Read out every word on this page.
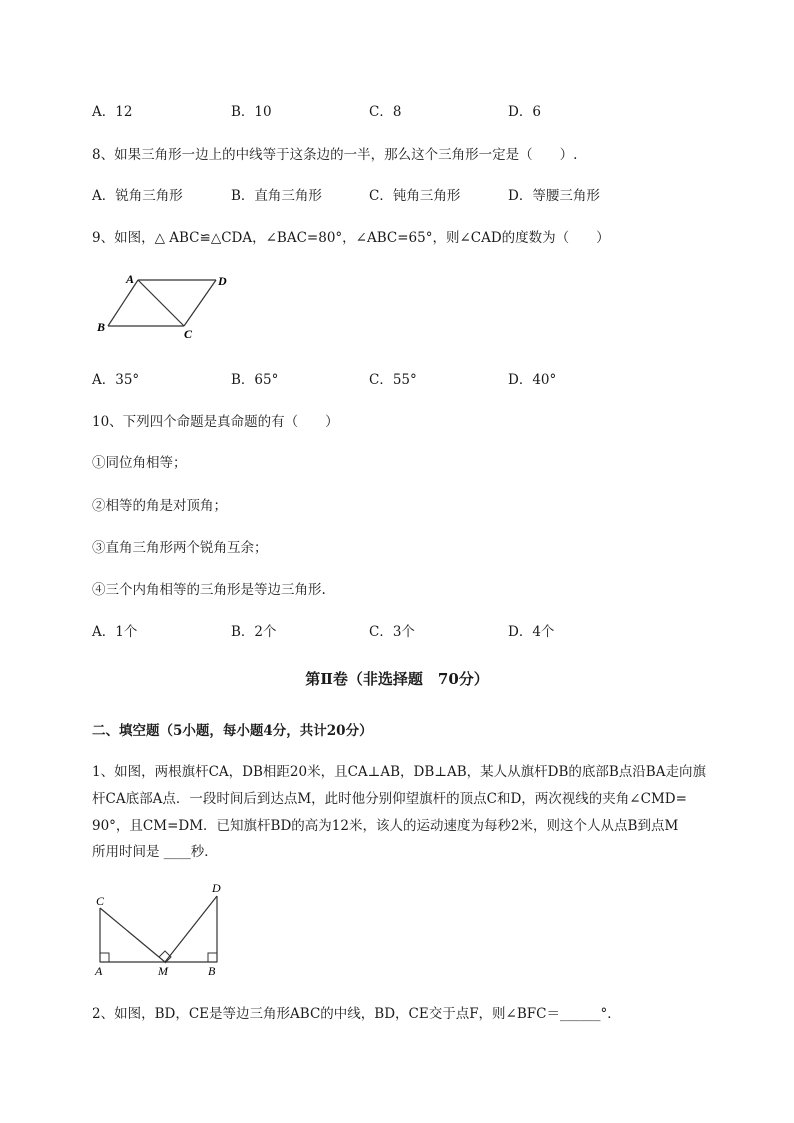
A．12	B．10	C．8	D．6
8、如果三角形一边上的中线等于这条边的一半，那么这个三角形一定是（　　）.
A．锐角三角形	B．直角三角形	C．钝角三角形	D．等腰三角形
9、如图，△ ABC≌△CDA，∠BAC=80°，∠ABC=65°，则∠CAD的度数为（　　）
A	D
B	C
A．35°	B．65°	C．55°	D．40°
10、下列四个命题是真命题的有（　　）
①同位角相等；
②相等的角是对顶角；
③直角三角形两个锐角互余；
④三个内角相等的三角形是等边三角形.
A．1个	B．2个	C．3个	D．4个
第Ⅱ卷（非选择题　70分）
二、填空题（5小题，每小题4分，共计20分）
1、如图，两根旗杆CA，DB相距20米，且CA⊥AB，DB⊥AB，某人从旗杆DB的底部B点沿BA走向旗
杆CA底部A点．一段时间后到达点M，此时他分别仰望旗杆的顶点C和D，两次视线的夹角∠CMD=
90°，且CM=DM．已知旗杆BD的高为12米，该人的运动速度为每秒2米，则这个人从点B到点M
所用时间是 ____秒．
C
D
A	M	B
2、如图，BD，CE是等边三角形ABC的中线，BD，CE交于点F，则∠BFC＝______°．
